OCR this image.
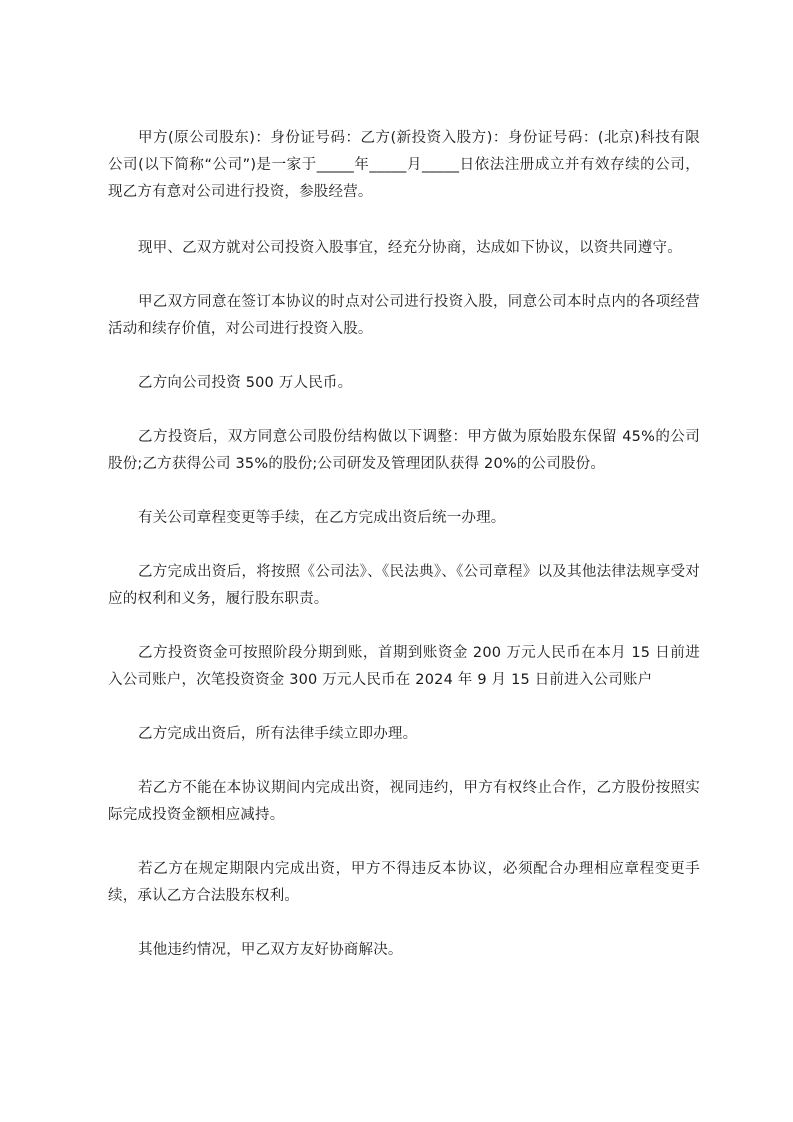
甲方(原公司股东)：身份证号码：乙方(新投资入股方)：身份证号码：(北京)科技有限公司(以下简称“公司”)是一家于_____年_____月_____日依法注册成立并有效存续的公司，现乙方有意对公司进行投资，参股经营。

现甲、乙双方就对公司投资入股事宜，经充分协商，达成如下协议，以资共同遵守。

甲乙双方同意在签订本协议的时点对公司进行投资入股，同意公司本时点内的各项经营活动和续存价值，对公司进行投资入股。

乙方向公司投资 500 万人民币。

乙方投资后，双方同意公司股份结构做以下调整：甲方做为原始股东保留 45%的公司股份;乙方获得公司 35%的股份;公司研发及管理团队获得 20%的公司股份。

有关公司章程变更等手续，在乙方完成出资后统一办理。

乙方完成出资后，将按照《公司法》、《民法典》、《公司章程》以及其他法律法规享受对应的权利和义务，履行股东职责。

乙方投资资金可按照阶段分期到账，首期到账资金 200 万元人民币在本月 15 日前进入公司账户，次笔投资资金 300 万元人民币在 2024 年 9 月 15 日前进入公司账户

乙方完成出资后，所有法律手续立即办理。

若乙方不能在本协议期间内完成出资，视同违约，甲方有权终止合作，乙方股份按照实际完成投资金额相应减持。

若乙方在规定期限内完成出资，甲方不得违反本协议，必须配合办理相应章程变更手续，承认乙方合法股东权利。

其他违约情况，甲乙双方友好协商解决。
